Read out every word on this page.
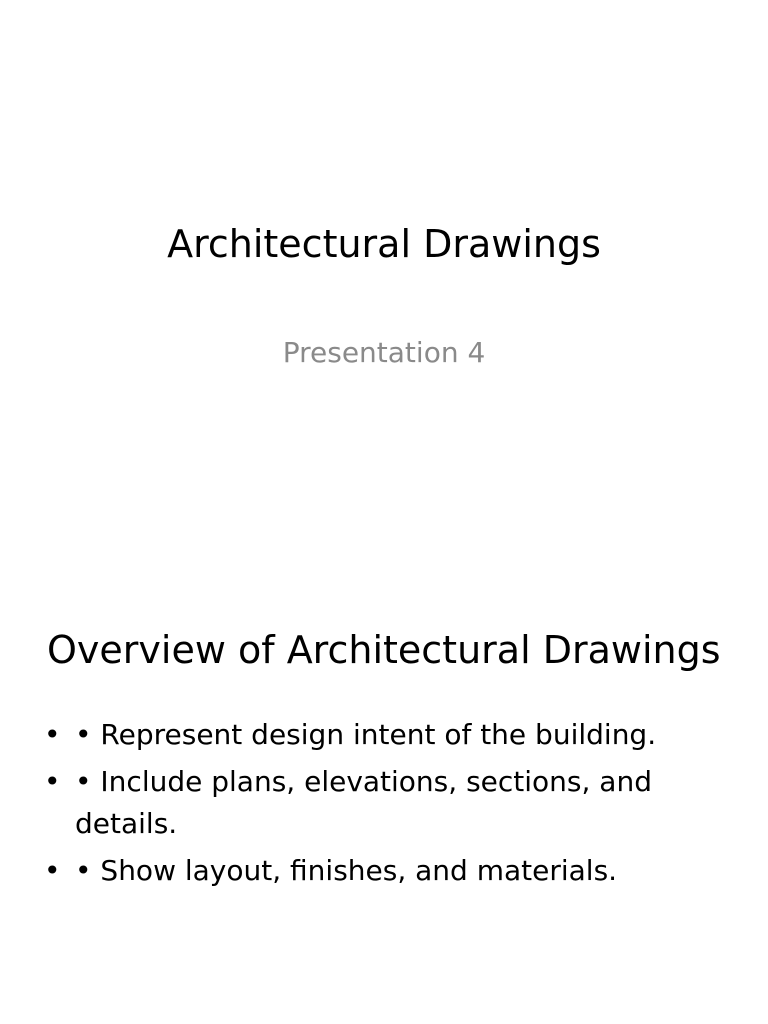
Architectural Drawings
Presentation 4
Overview of Architectural Drawings
• • Represent design intent of the building.
• • Include plans, elevations, sections, and details.
• • Show layout, finishes, and materials.
